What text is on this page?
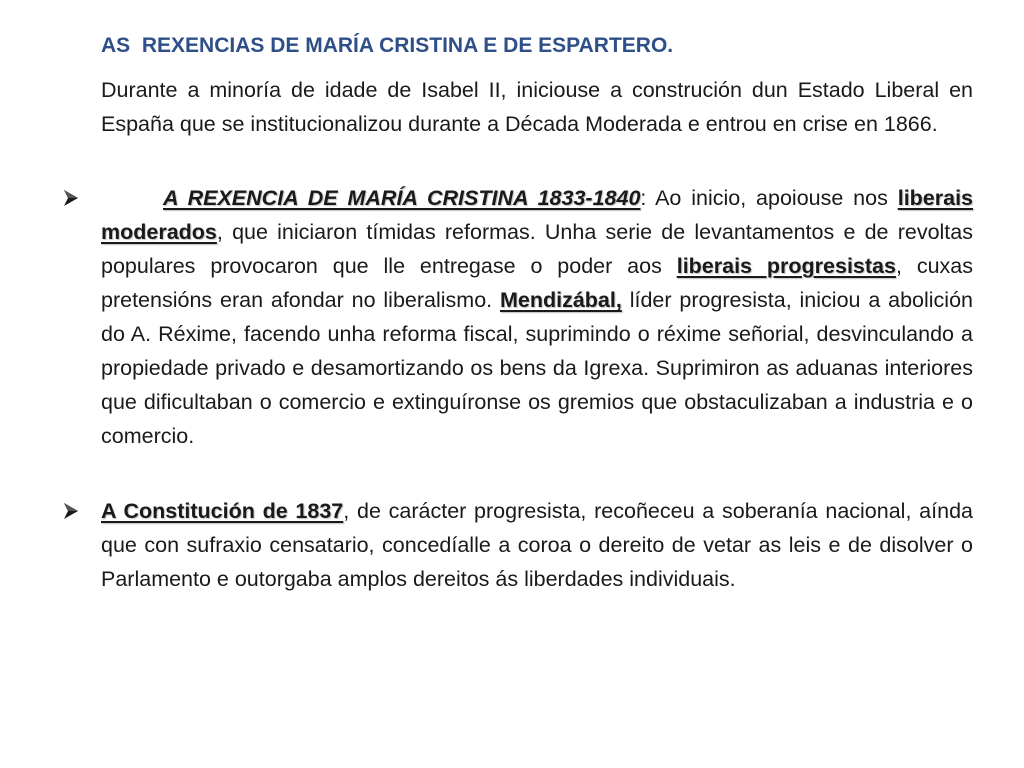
AS  REXENCIAS DE MARÍA CRISTINA E DE ESPARTERO.
Durante a minoría de idade de Isabel II, iniciouse a construción dun Estado Liberal en España que se institucionalizou durante a Década Moderada e entrou en crise en 1866.
A REXENCIA DE MARÍA CRISTINA 1833-1840: Ao inicio, apoiouse nos liberais moderados, que iniciaron tímidas reformas. Unha serie de levantamentos e de revoltas populares provocaron que lle entregase o poder aos liberais progresistas, cuxas pretensións eran afondar no liberalismo. Mendizábal, líder progresista, iniciou a abolición do A. Réxime, facendo unha reforma fiscal, suprimindo o réxime señorial, desvinculando a propiedade privado e desamortizando os bens da Igrexa. Suprimiron as aduanas interiores que dificultaban o comercio e extinguíronse os gremios que obstaculizaban a industria e o comercio.
A Constitución de 1837, de carácter progresista, recoñeceu a soberanía nacional, aínda que con sufraxio censatario, concedíalle a coroa o dereito de vetar as leis e de disolver o Parlamento e outorgaba amplos dereitos ás liberdades individuais.
